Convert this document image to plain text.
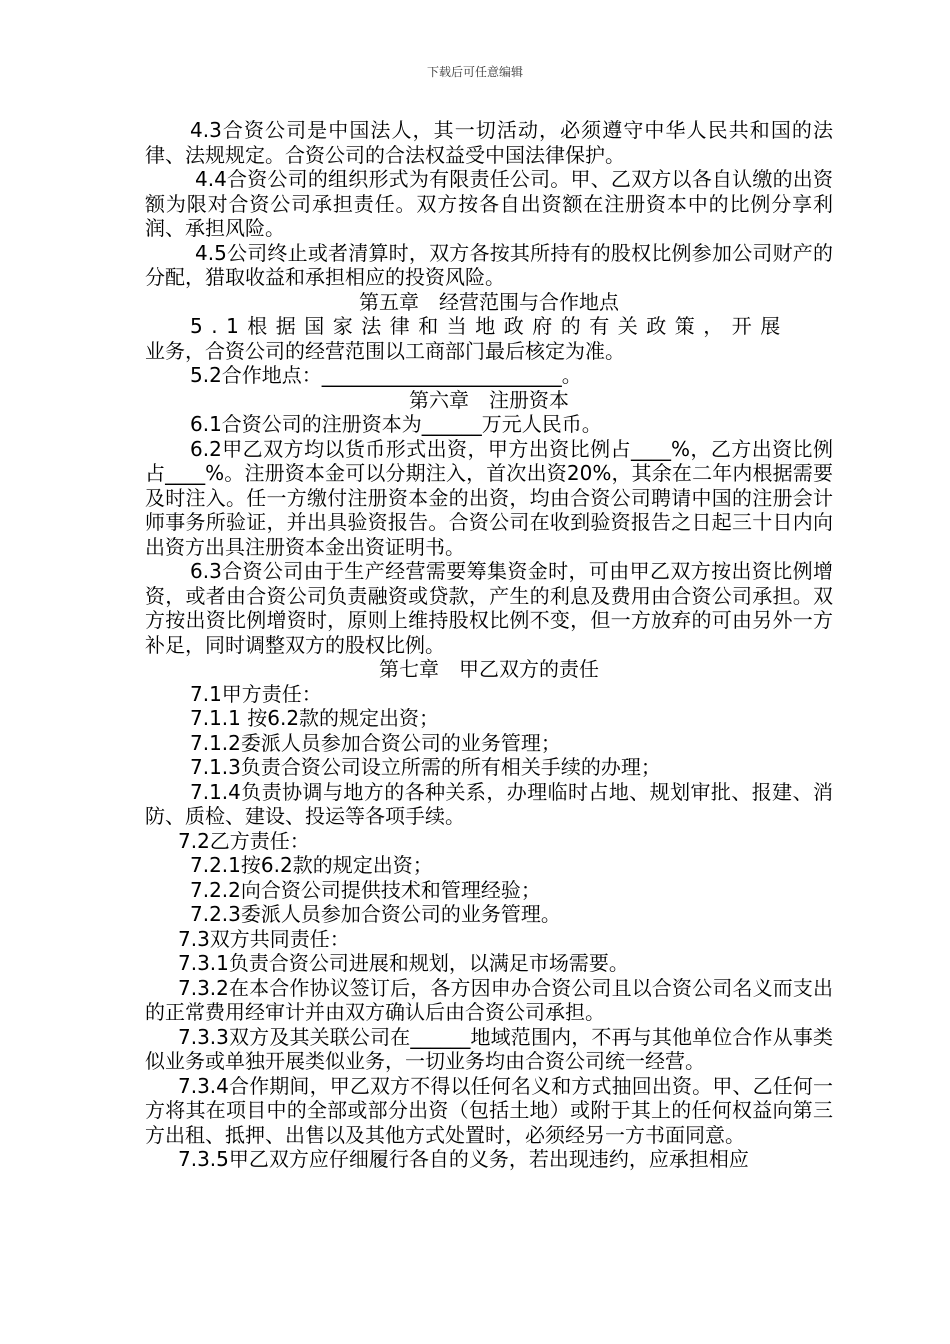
下载后可任意编辑

4.3合资公司是中国法人，其一切活动，必须遵守中华人民共和国的法律、法规规定。合资公司的合法权益受中国法律保护。

4.4合资公司的组织形式为有限责任公司。甲、乙双方以各自认缴的出资额为限对合资公司承担责任。双方按各自出资额在注册资本中的比例分享利润、承担风险。

4.5公司终止或者清算时，双方各按其所持有的股权比例参加公司财产的分配，猎取收益和承担相应的投资风险。

第五章　经营范围与合作地点

5.1根据国家法律和当地政府的有关政策，开展

业务，合资公司的经营范围以工商部门最后核定为准。

5.2合作地点：________________________。

第六章　注册资本

6.1合资公司的注册资本为______万元人民币。

6.2甲乙双方均以货币形式出资，甲方出资比例占____%，乙方出资比例占____%。注册资本金可以分期注入，首次出资20%，其余在二年内根据需要及时注入。任一方缴付注册资本金的出资，均由合资公司聘请中国的注册会计师事务所验证，并出具验资报告。合资公司在收到验资报告之日起三十日内向出资方出具注册资本金出资证明书。

6.3合资公司由于生产经营需要筹集资金时，可由甲乙双方按出资比例增资，或者由合资公司负责融资或贷款，产生的利息及费用由合资公司承担。双方按出资比例增资时，原则上维持股权比例不变，但一方放弃的可由另外一方补足，同时调整双方的股权比例。

第七章　甲乙双方的责任

7.1甲方责任：

7.1.1 按6.2款的规定出资；

7.1.2委派人员参加合资公司的业务管理；

7.1.3负责合资公司设立所需的所有相关手续的办理；

7.1.4负责协调与地方的各种关系，办理临时占地、规划审批、报建、消防、质检、建设、投运等各项手续。

7.2乙方责任：

7.2.1按6.2款的规定出资；

7.2.2向合资公司提供技术和管理经验；

7.2.3委派人员参加合资公司的业务管理。

7.3双方共同责任：

7.3.1负责合资公司进展和规划，以满足市场需要。

7.3.2在本合作协议签订后，各方因申办合资公司且以合资公司名义而支出的正常费用经审计并由双方确认后由合资公司承担。

7.3.3双方及其关联公司在______地域范围内，不再与其他单位合作从事类似业务或单独开展类似业务，一切业务均由合资公司统一经营。

7.3.4合作期间，甲乙双方不得以任何名义和方式抽回出资。甲、乙任何一方将其在项目中的全部或部分出资（包括土地）或附于其上的任何权益向第三方出租、抵押、出售以及其他方式处置时，必须经另一方书面同意。

7.3.5甲乙双方应仔细履行各自的义务，若出现违约，应承担相应
